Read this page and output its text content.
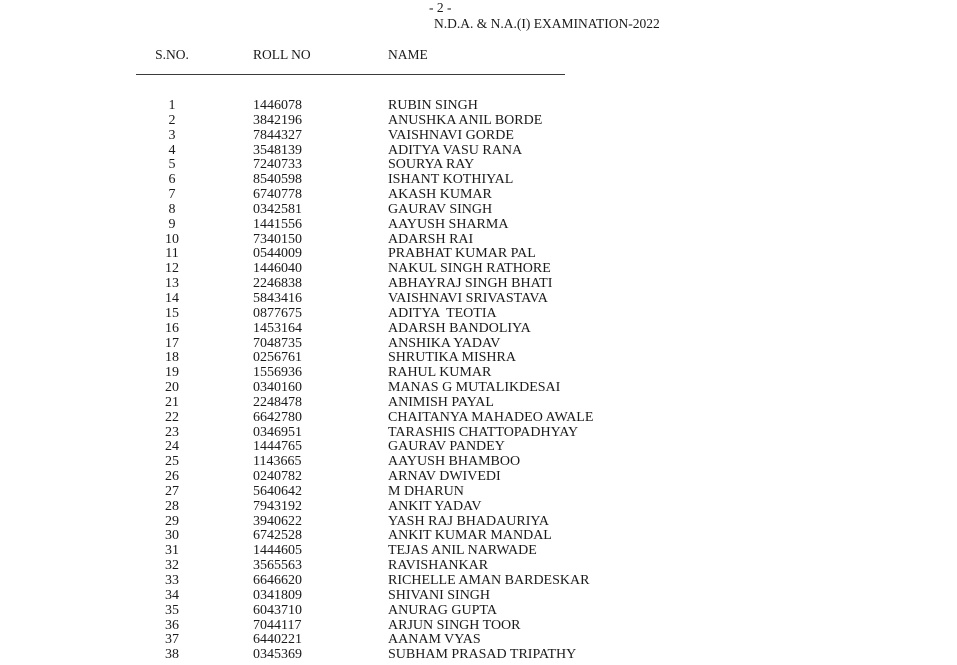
- 2 -
N.D.A. & N.A.(I) EXAMINATION-2022
S.NO.	ROLL NO	NAME
1	1446078	RUBIN SINGH
2	3842196	ANUSHKA ANIL BORDE
3	7844327	VAISHNAVI GORDE
4	3548139	ADITYA VASU RANA
5	7240733	SOURYA RAY
6	8540598	ISHANT KOTHIYAL
7	6740778	AKASH KUMAR
8	0342581	GAURAV SINGH
9	1441556	AAYUSH SHARMA
10	7340150	ADARSH RAI
11	0544009	PRABHAT KUMAR PAL
12	1446040	NAKUL SINGH RATHORE
13	2246838	ABHAYRAJ SINGH BHATI
14	5843416	VAISHNAVI SRIVASTAVA
15	0877675	ADITYA  TEOTIA
16	1453164	ADARSH BANDOLIYA
17	7048735	ANSHIKA YADAV
18	0256761	SHRUTIKA MISHRA
19	1556936	RAHUL KUMAR
20	0340160	MANAS G MUTALIKDESAI
21	2248478	ANIMISH PAYAL
22	6642780	CHAITANYA MAHADEO AWALE
23	0346951	TARASHIS CHATTOPADHYAY
24	1444765	GAURAV PANDEY
25	1143665	AAYUSH BHAMBOO
26	0240782	ARNAV DWIVEDI
27	5640642	M DHARUN
28	7943192	ANKIT YADAV
29	3940622	YASH RAJ BHADAURIYA
30	6742528	ANKIT KUMAR MANDAL
31	1444605	TEJAS ANIL NARWADE
32	3565563	RAVISHANKAR
33	6646620	RICHELLE AMAN BARDESKAR
34	0341809	SHIVANI SINGH
35	6043710	ANURAG GUPTA
36	7044117	ARJUN SINGH TOOR
37	6440221	AANAM VYAS
38	0345369	SUBHAM PRASAD TRIPATHY
